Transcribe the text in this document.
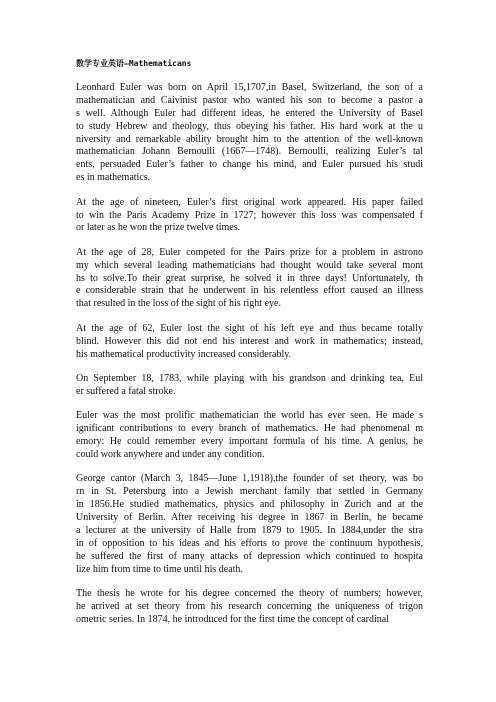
数学专业英语—Mathematicans
Leonhard Euler was born on April 15,1707,in Basel, Switzerland, the son of a
mathematician and Caivinist pastor who wanted his son to become a pastor a
s well. Although Euler had different ideas, he entered the University of Basel
to study Hebrew and theology, thus obeying his father. His hard work at the u
niversity and remarkable ability brought him to the attention of the well-known
mathematician Johann Bernoulli (1667—1748). Bernoulli, realizing Euler’s tal
ents, persuaded Euler’s father to change his mind, and Euler pursued his studi
es in mathematics.
At the age of nineteen, Euler’s first original work appeared. His paper failed
to win the Paris Academy Prize in 1727; however this loss was compensated f
or later as he won the prize twelve times.
At the age of 28, Euler competed for the Pairs prize for a problem in astrono
my which several leading mathematicians had thought would take several mont
hs to solve.To their great surprise, he solved it in three days! Unfortunately, th
e considerable strain that he underwent in his relentless effort caused an illness
that resulted in the loss of the sight of his right eye.
At the age of 62, Euler lost the sight of his left eye and thus became totally
blind. However this did not end his interest and work in mathematics; instead,
his mathematical productivity increased considerably.
On September 18, 1783, while playing with his grandson and drinking tea, Eul
er suffered a fatal stroke.
Euler was the most prolific mathematician the world has ever seen. He made s
ignificant contributions to every branch of mathematics. He had phenomenal m
emory: He could remember every important formula of his time. A genius, he
could work anywhere and under any condition.
George cantor (March 3, 1845—June 1,1918),the founder of set theory, was bo
rn in St. Petersburg into a Jewish merchant family that settled in Germany
in 1856.He studied mathematics, physics and philosophy in Zurich and at the
University of Berlin. After receiving his degree in 1867 in Berlin, he became
a lecturer at the university of Halle from 1879 to 1905. In 1884,under the stra
in of opposition to his ideas and his efforts to prove the continuum hypothesis,
he suffered the first of many attacks of depression which continued to hospita
lize him from time to time until his death.
The thesis he wrote for his degree concerned the theory of numbers; however,
he arrived at set theory from his research concerning the uniqueness of trigon
ometric series. In 1874, he introduced for the first time the concept of cardinal
